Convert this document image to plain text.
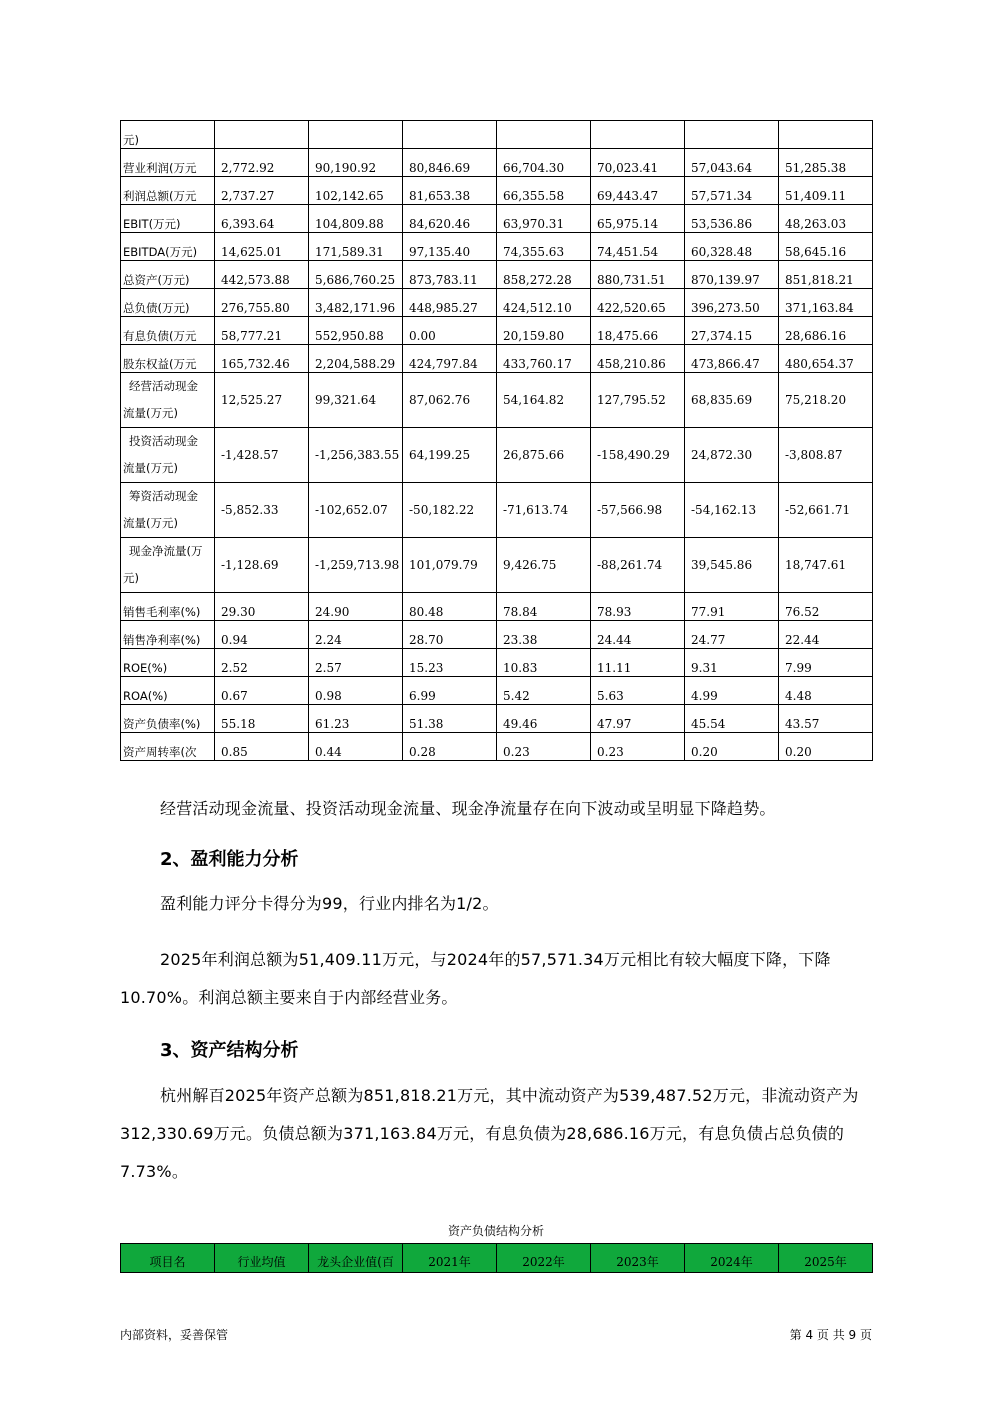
元)							
营业利润(万元	2,772.92	90,190.92	80,846.69	66,704.30	70,023.41	57,043.64	51,285.38
利润总额(万元	2,737.27	102,142.65	81,653.38	66,355.58	69,443.47	57,571.34	51,409.11
EBIT(万元)	6,393.64	104,809.88	84,620.46	63,970.31	65,975.14	53,536.86	48,263.03
EBITDA(万元)	14,625.01	171,589.31	97,135.40	74,355.63	74,451.54	60,328.48	58,645.16
总资产(万元)	442,573.88	5,686,760.25	873,783.11	858,272.28	880,731.51	870,139.97	851,818.21
总负债(万元)	276,755.80	3,482,171.96	448,985.27	424,512.10	422,520.65	396,273.50	371,163.84
有息负债(万元	58,777.21	552,950.88	0.00	20,159.80	18,475.66	27,374.15	28,686.16
股东权益(万元	165,732.46	2,204,588.29	424,797.84	433,760.17	458,210.86	473,866.47	480,654.37

经营活动现金
流量(万元)	12,525.27	99,321.64	87,062.76	54,164.82	127,795.52	68,835.69	75,218.20

投资活动现金
流量(万元)	-1,428.57	-1,256,383.55	64,199.25	26,875.66	-158,490.29	24,872.30	-3,808.87

筹资活动现金
流量(万元)	-5,852.33	-102,652.07	-50,182.22	-71,613.74	-57,566.98	-54,162.13	-52,661.71

现金净流量(万
元)	-1,128.69	-1,259,713.98	101,079.79	9,426.75	-88,261.74	39,545.86	18,747.61
销售毛利率(%)	29.30	24.90	80.48	78.84	78.93	77.91	76.52
销售净利率(%)	0.94	2.24	28.70	23.38	24.44	24.77	22.44
ROE(%)	2.52	2.57	15.23	10.83	11.11	9.31	7.99
ROA(%)	0.67	0.98	6.99	5.42	5.63	4.99	4.48
资产负债率(%)	55.18	61.23	51.38	49.46	47.97	45.54	43.57
资产周转率(次	0.85	0.44	0.28	0.23	0.23	0.20	0.20

经营活动现金流量、投资活动现金流量、现金净流量存在向下波动或呈明显下降趋势。

2、盈利能力分析

盈利能力评分卡得分为99，行业内排名为1/2。

2025年利润总额为51,409.11万元，与2024年的57,571.34万元相比有较大幅度下降，下降10.70%。利润总额主要来自于内部经营业务。

3、资产结构分析

杭州解百2025年资产总额为851,818.21万元，其中流动资产为539,487.52万元，非流动资产为312,330.69万元。负债总额为371,163.84万元，有息负债为28,686.16万元，有息负债占总负债的7.73%。

资产负债结构分析
项目名	行业均值	龙头企业值(百	2021年	2022年	2023年	2024年	2025年
内部资料，妥善保管	第 4 页 共 9 页
